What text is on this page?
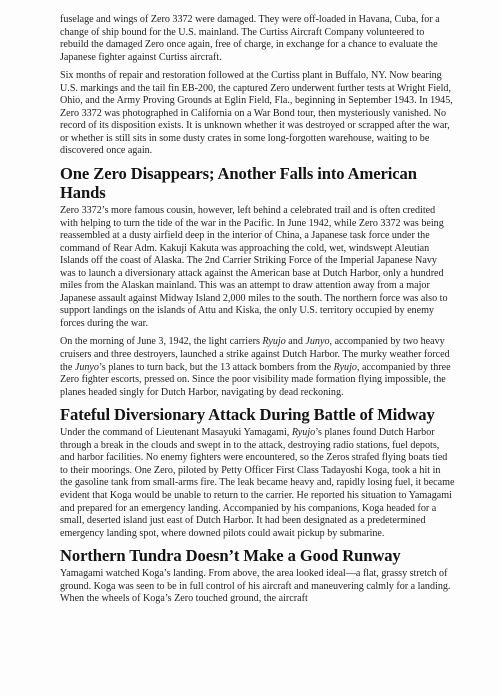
fuselage and wings of Zero 3372 were damaged. They were off-loaded in Havana, Cuba, for a change of ship bound for the U.S. mainland. The Curtiss Aircraft Company volunteered to rebuild the damaged Zero once again, free of charge, in exchange for a chance to evaluate the Japanese fighter against Curtiss aircraft.

Six months of repair and restoration followed at the Curtiss plant in Buffalo, NY. Now bearing U.S. markings and the tail fin EB-200, the captured Zero underwent further tests at Wright Field, Ohio, and the Army Proving Grounds at Eglin Field, Fla., beginning in September 1943. In 1945, Zero 3372 was photographed in California on a War Bond tour, then mysteriously vanished. No record of its disposition exists. It is unknown whether it was destroyed or scrapped after the war, or whether is still sits in some dusty crates in some long-forgotten warehouse, waiting to be discovered once again.

One Zero Disappears; Another Falls into American Hands

Zero 3372’s more famous cousin, however, left behind a celebrated trail and is often credited with helping to turn the tide of the war in the Pacific. In June 1942, while Zero 3372 was being reassembled at a dusty airfield deep in the interior of China, a Japanese task force under the command of Rear Adm. Kakuji Kakuta was approaching the cold, wet, windswept Aleutian Islands off the coast of Alaska. The 2nd Carrier Striking Force of the Imperial Japanese Navy was to launch a diversionary attack against the American base at Dutch Harbor, only a hundred miles from the Alaskan mainland. This was an attempt to draw attention away from a major Japanese assault against Midway Island 2,000 miles to the south. The northern force was also to support landings on the islands of Attu and Kiska, the only U.S. territory occupied by enemy forces during the war.

On the morning of June 3, 1942, the light carriers Ryujo and Junyo, accompanied by two heavy cruisers and three destroyers, launched a strike against Dutch Harbor. The murky weather forced the Junyo’s planes to turn back, but the 13 attack bombers from the Ryujo, accompanied by three Zero fighter escorts, pressed on. Since the poor visibility made formation flying impossible, the planes headed singly for Dutch Harbor, navigating by dead reckoning.

Fateful Diversionary Attack During Battle of Midway

Under the command of Lieutenant Masayuki Yamagami, Ryujo’s planes found Dutch Harbor through a break in the clouds and swept in to the attack, destroying radio stations, fuel depots, and harbor facilities. No enemy fighters were encountered, so the Zeros strafed flying boats tied to their moorings. One Zero, piloted by Petty Officer First Class Tadayoshi Koga, took a hit in the gasoline tank from small-arms fire. The leak became heavy and, rapidly losing fuel, it became evident that Koga would be unable to return to the carrier. He reported his situation to Yamagami and prepared for an emergency landing. Accompanied by his companions, Koga headed for a small, deserted island just east of Dutch Harbor. It had been designated as a predetermined emergency landing spot, where downed pilots could await pickup by submarine.

Northern Tundra Doesn’t Make a Good Runway

Yamagami watched Koga’s landing. From above, the area looked ideal—a flat, grassy stretch of ground. Koga was seen to be in full control of his aircraft and maneuvering calmly for a landing. When the wheels of Koga’s Zero touched ground, the aircraft
